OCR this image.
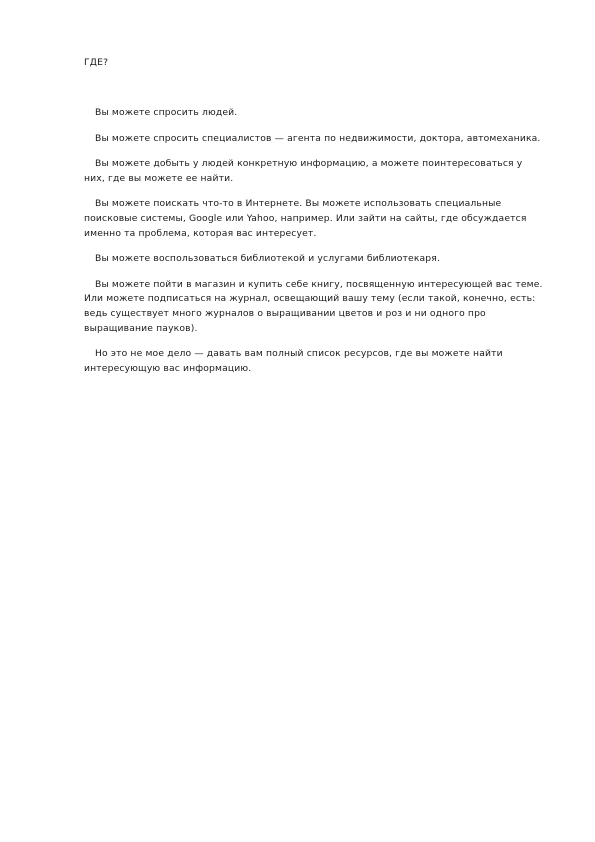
ГДЕ?

Вы можете спросить людей.

Вы можете спросить специалистов — агента по недвижимости, доктора, автомеханика.

Вы можете добыть у людей конкретную информацию, а можете поинтересоваться у них, где вы можете ее найти.

Вы можете поискать что-то в Интернете. Вы можете использовать специальные поисковые системы, Google или Yahoo, например. Или зайти на сайты, где обсуждается именно та проблема, которая вас интересует.

Вы можете воспользоваться библиотекой и услугами библиотекаря.

Вы можете пойти в магазин и купить себе книгу, посвященную интересующей вас теме. Или можете подписаться на журнал, освещающий вашу тему (если такой, конечно, есть: ведь существует много журналов о выращивании цветов и роз и ни одного про выращивание пауков).

Но это не мое дело — давать вам полный список ресурсов, где вы можете найти интересующую вас информацию.
